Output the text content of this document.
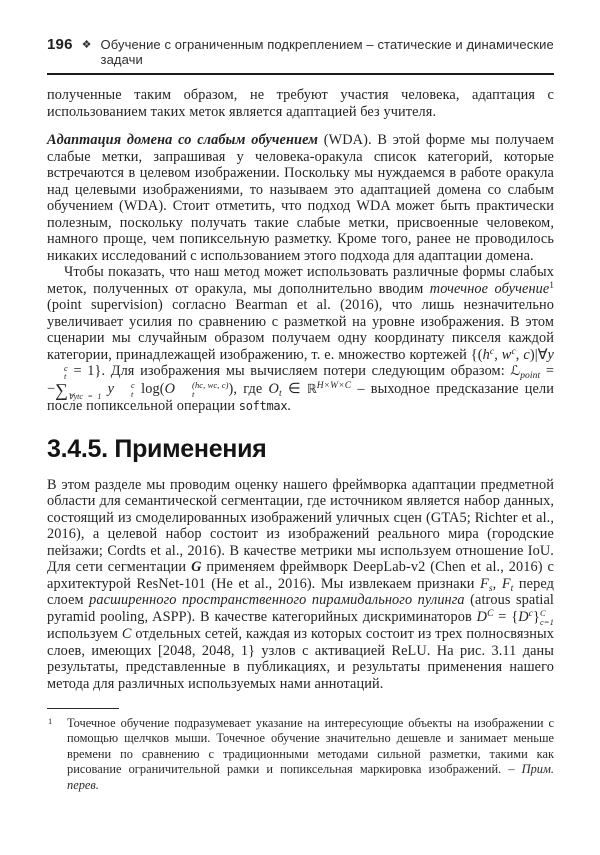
196 ❖ Обучение с ограниченным подкреплением – статические и динамические задачи

полученные таким образом, не требуют участия человека, адаптация с использованием таких меток является адаптацией без учителя.

Адаптация домена со слабым обучением (WDA). В этой форме мы получаем слабые метки, запрашивая у человека-оракула список категорий, которые встречаются в целевом изображении. Поскольку мы нуждаемся в работе оракула над целевыми изображениями, то называем это адаптацией домена со слабым обучением (WDA). Стоит отметить, что подход WDA может быть практически полезным, поскольку получать такие слабые метки, присвоенные человеком, намного проще, чем попиксельную разметку. Кроме того, ранее не проводилось никаких исследований с использованием этого подхода для адаптации домена.

Чтобы показать, что наш метод может использовать различные формы слабых меток, полученных от оракула, мы дополнительно вводим точечное обучение$^1$ (point supervision) согласно Bearman et al. (2016), что лишь незначительно увеличивает усилия по сравнению с разметкой на уровне изображения. В этом сценарии мы случайным образом получаем одну координату пикселя каждой категории, принадлежащей изображению, т. е. множество кортежей {($h^c$, $w^c$, c)|∀y
c
t = 1}. Для изображения мы вычисляем потери следующим образом: ℒ$_{point}$ = $-\sum_{\forall ytc = 1}$ y	c
t log(O	(hc, wc, c)
t	), где $O_t$ ∈ ℝ$^{H\times W\times C}$ – выходное предсказание цели после попиксельной операции softmax.

3.4.5. Применения

В этом разделе мы проводим оценку нашего фреймворка адаптации предметной области для семантической сегментации, где источником является набор данных, состоящий из смоделированных изображений уличных сцен (GTA5; Richter et al., 2016), а целевой набор состоит из изображений реального мира (городские пейзажи; Cordts et al., 2016). В качестве метрики мы используем отношение IoU. Для сети сегментации G применяем фреймворк DeepLab-v2 (Chen et al., 2016) с архитектурой ResNet-101 (He et al., 2016). Мы извлекаем признаки $F_s$, $F_t$ перед слоем расширенного пространственного пирамидального пулинга (atrous spatial pyramid pooling, ASPP). В качестве категорийных дискриминаторов $D^C = \{D^c\}$ C
c=1
используем C отдельных сетей, каждая из которых состоит из трех полносвязных слоев, имеющих [2048, 2048, 1} узлов с активацией ReLU. На рис. 3.11 даны результаты, представленные в публикациях, и результаты применения нашего метода для различных используемых нами аннотаций.

1 Точечное обучение подразумевает указание на интересующие объекты на изображении с помощью щелчков мыши. Точечное обучение значительно дешевле и занимает меньше времени по сравнению с традиционными методами сильной разметки, такими как рисование ограничительной рамки и попиксельная маркировка изображений. – Прим. перев.
